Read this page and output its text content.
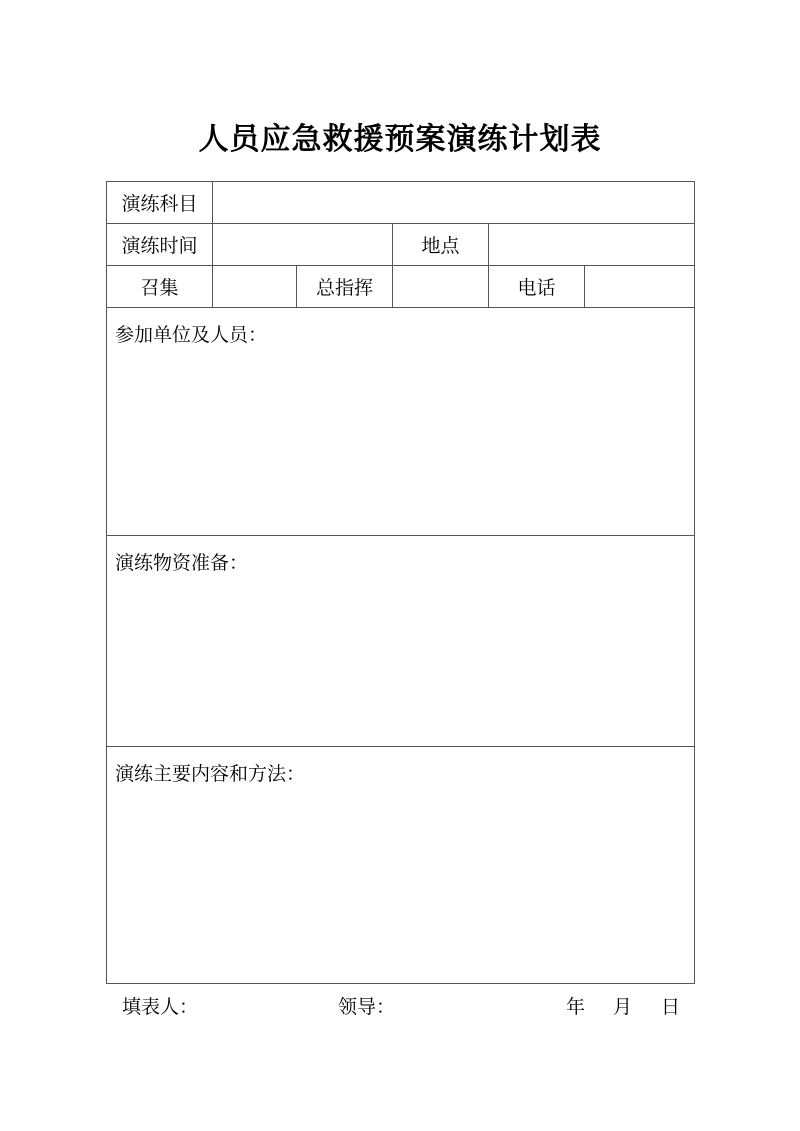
人员应急救援预案演练计划表
演练科目					
演练时间			地点		
召集		总指挥		电话	
参加单位及人员：					
演练物资准备：					
演练主要内容和方法：					
填表人：	领导：	年 月 日
